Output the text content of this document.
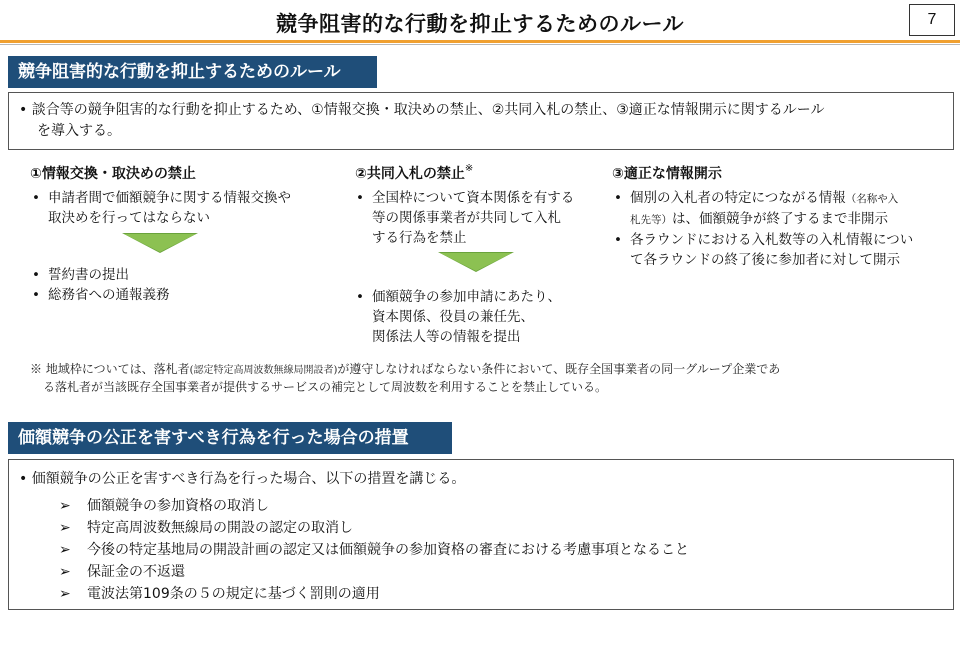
競争阻害的な行動を抑止するためのルール	7
競争阻害的な行動を抑止するためのルール
• 談合等の競争阻害的な行動を抑止するため、①情報交換・取決めの禁止、②共同入札の禁止、③適正な情報開示に関するルール
を導入する。
①情報交換・取決めの禁止
• 申請者間で価額競争に関する情報交換や
取決めを行ってはならない
• 誓約書の提出
• 総務省への通報義務
②共同入札の禁止※
• 全国枠について資本関係を有する
等の関係事業者が共同して入札
する行為を禁止
• 価額競争の参加申請にあたり、
資本関係、役員の兼任先、
関係法人等の情報を提出
③適正な情報開示
• 個別の入札者の特定につながる情報（名称や入
札先等）は、価額競争が終了するまで非開示
• 各ラウンドにおける入札数等の入札情報につい
て各ラウンドの終了後に参加者に対して開示
※ 地域枠については、落札者(認定特定高周波数無線局開設者)が遵守しなければならない条件において、既存全国事業者の同一グループ企業であ
る落札者が当該既存全国事業者が提供するサービスの補完として周波数を利用することを禁止している。
価額競争の公正を害すべき行為を行った場合の措置
• 価額競争の公正を害すべき行為を行った場合、以下の措置を講じる。
➢ 価額競争の参加資格の取消し
➢ 特定高周波数無線局の開設の認定の取消し
➢ 今後の特定基地局の開設計画の認定又は価額競争の参加資格の審査における考慮事項となること
➢ 保証金の不返還
➢ 電波法第109条の５の規定に基づく罰則の適用
